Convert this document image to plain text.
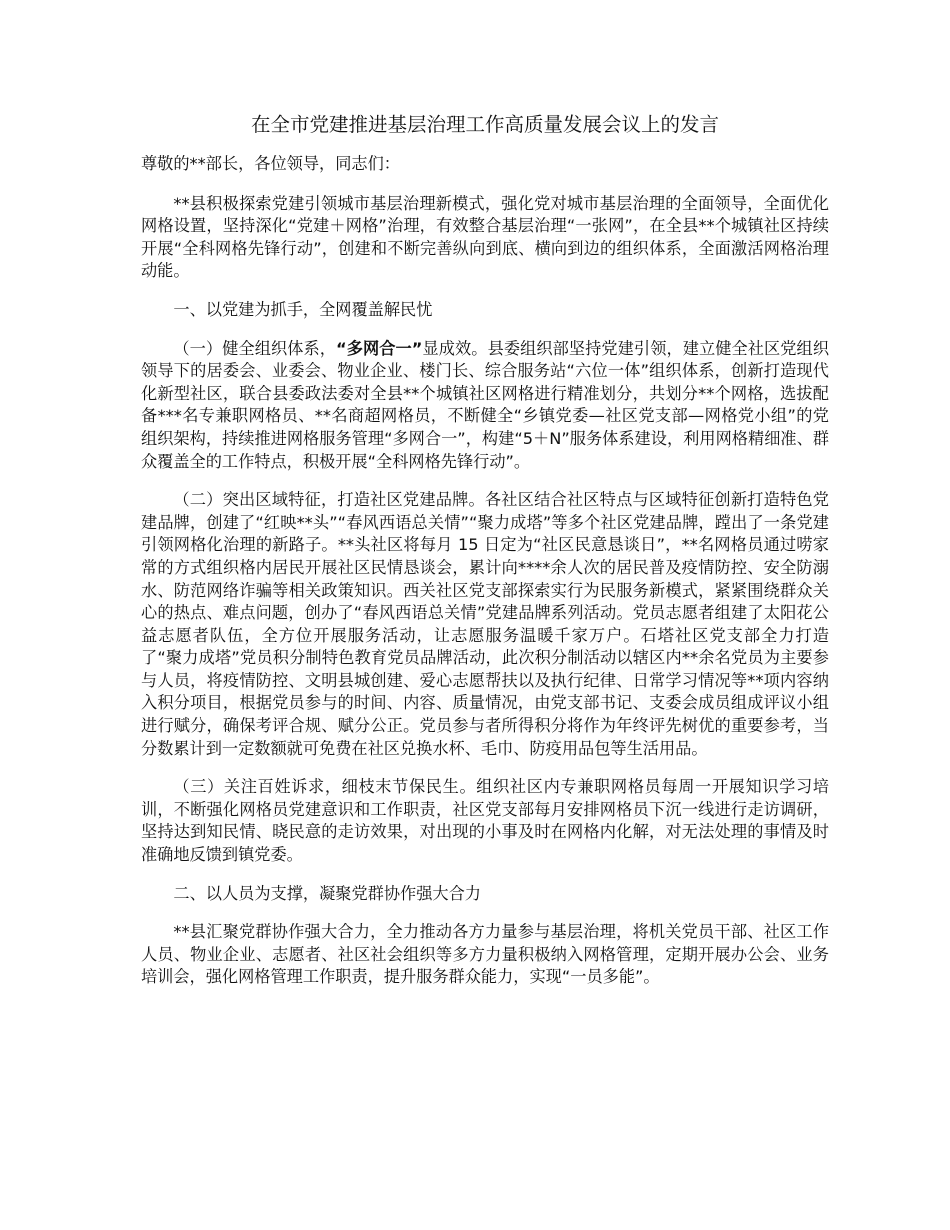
在全市党建推进基层治理工作高质量发展会议上的发言

尊敬的**部长，各位领导，同志们：

**县积极探索党建引领城市基层治理新模式，强化党对城市基层治理的全面领导，全面优化网格设置，坚持深化“党建＋网格”治理，有效整合基层治理“一张网”，在全县**个城镇社区持续开展“全科网格先锋行动”，创建和不断完善纵向到底、横向到边的组织体系，全面激活网格治理动能。

一、以党建为抓手，全网覆盖解民忧

（一）健全组织体系，“多网合一”显成效。县委组织部坚持党建引领，建立健全社区党组织领导下的居委会、业委会、物业企业、楼门长、综合服务站“六位一体”组织体系，创新打造现代化新型社区，联合县委政法委对全县**个城镇社区网格进行精准划分，共划分**个网格，选拔配备***名专兼职网格员、**名商超网格员，不断健全“乡镇党委—社区党支部—网格党小组”的党组织架构，持续推进网格服务管理“多网合一”，构建“5＋N”服务体系建设，利用网格精细准、群众覆盖全的工作特点，积极开展“全科网格先锋行动”。

（二）突出区域特征，打造社区党建品牌。各社区结合社区特点与区域特征创新打造特色党建品牌，创建了“红映**头”“春风西语总关情”“聚力成塔”等多个社区党建品牌，蹚出了一条党建引领网格化治理的新路子。**头社区将每月 15 日定为“社区民意恳谈日”，**名网格员通过唠家常的方式组织格内居民开展社区民情恳谈会，累计向****余人次的居民普及疫情防控、安全防溺水、防范网络诈骗等相关政策知识。西关社区党支部探索实行为民服务新模式，紧紧围绕群众关心的热点、难点问题，创办了“春风西语总关情”党建品牌系列活动。党员志愿者组建了太阳花公益志愿者队伍，全方位开展服务活动，让志愿服务温暖千家万户。石塔社区党支部全力打造了“聚力成塔”党员积分制特色教育党员品牌活动，此次积分制活动以辖区内**余名党员为主要参与人员，将疫情防控、文明县城创建、爱心志愿帮扶以及执行纪律、日常学习情况等**项内容纳入积分项目，根据党员参与的时间、内容、质量情况，由党支部书记、支委会成员组成评议小组进行赋分，确保考评合规、赋分公正。党员参与者所得积分将作为年终评先树优的重要参考，当分数累计到一定数额就可免费在社区兑换水杯、毛巾、防疫用品包等生活用品。

（三）关注百姓诉求，细枝末节保民生。组织社区内专兼职网格员每周一开展知识学习培训，不断强化网格员党建意识和工作职责，社区党支部每月安排网格员下沉一线进行走访调研，坚持达到知民情、晓民意的走访效果，对出现的小事及时在网格内化解，对无法处理的事情及时准确地反馈到镇党委。

二、以人员为支撑，凝聚党群协作强大合力

**县汇聚党群协作强大合力，全力推动各方力量参与基层治理，将机关党员干部、社区工作人员、物业企业、志愿者、社区社会组织等多方力量积极纳入网格管理，定期开展办公会、业务培训会，强化网格管理工作职责，提升服务群众能力，实现“一员多能”。
